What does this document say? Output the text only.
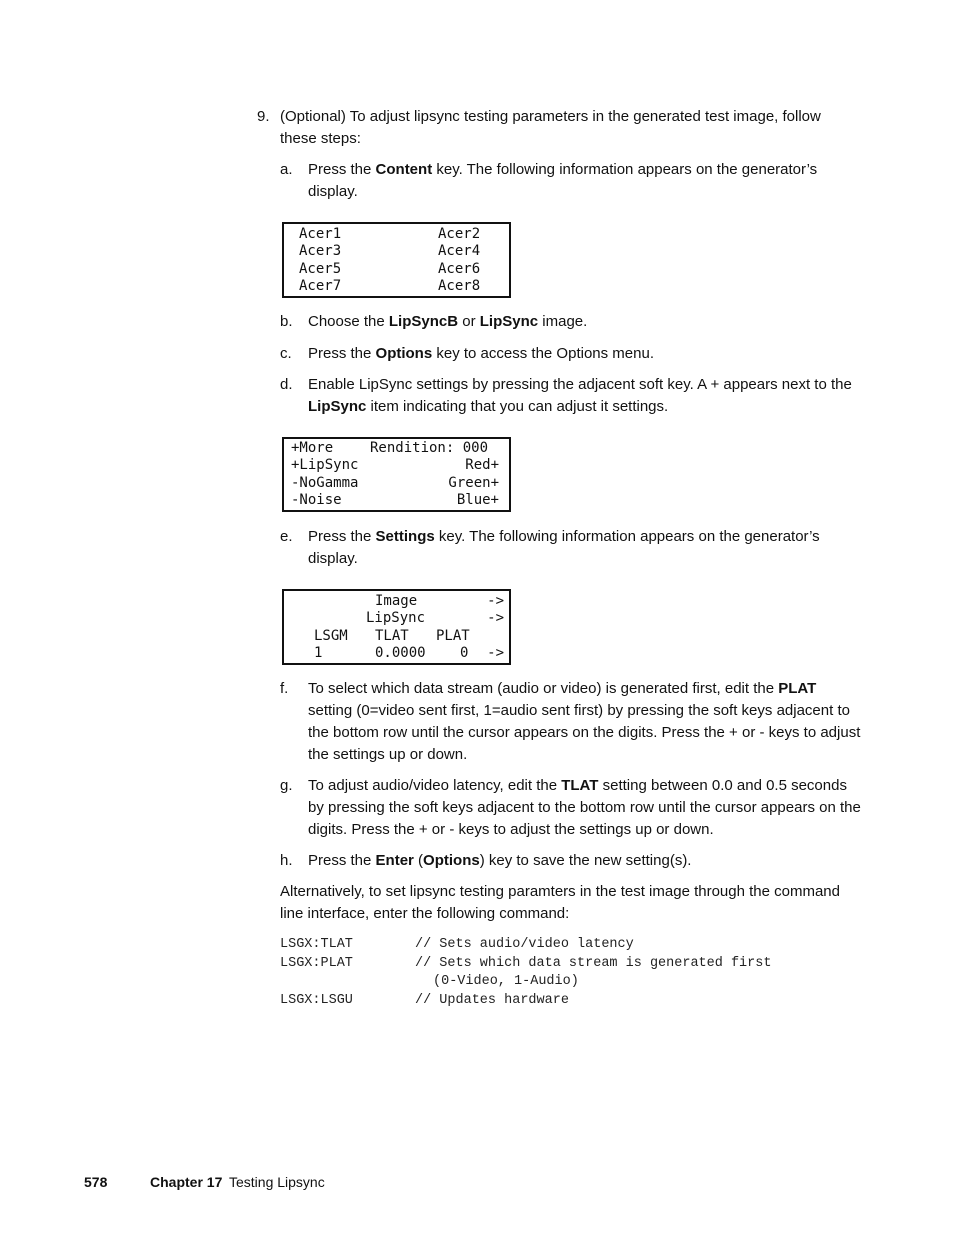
9. (Optional) To adjust lipsync testing parameters in the generated test image, follow
these steps:
a. Press the Content key. The following information appears on the generator’s
display.
Acer1	Acer2
Acer3	Acer4
Acer5	Acer6
Acer7	Acer8
b. Choose the LipSyncB or LipSync image.
c. Press the Options key to access the Options menu.
d. Enable LipSync settings by pressing the adjacent soft key. A + appears next to the
LipSync item indicating that you can adjust it settings.
+More	Rendition: 000
+LipSync	Red+
-NoGamma	Green+
-Noise	Blue+
e. Press the Settings key. The following information appears on the generator’s
display.
Image	->
LipSync	->
LSGM TLAT PLAT
1	0.0000 0 ->
f. To select which data stream (audio or video) is generated first, edit the PLAT
setting (0=video sent first, 1=audio sent first) by pressing the soft keys adjacent to
the bottom row until the cursor appears on the digits. Press the + or - keys to adjust
the settings up or down.
g. To adjust audio/video latency, edit the TLAT setting between 0.0 and 0.5 seconds
by pressing the soft keys adjacent to the bottom row until the cursor appears on the
digits. Press the + or - keys to adjust the settings up or down.
h. Press the Enter (Options) key to save the new setting(s).
Alternatively, to set lipsync testing paramters in the test image through the command
line interface, enter the following command:
LSGX:TLAT	// Sets audio/video latency
LSGX:PLAT	// Sets which data stream is generated first
(0-Video, 1-Audio)
LSGX:LSGU	// Updates hardware
578	Chapter 17 Testing Lipsync
